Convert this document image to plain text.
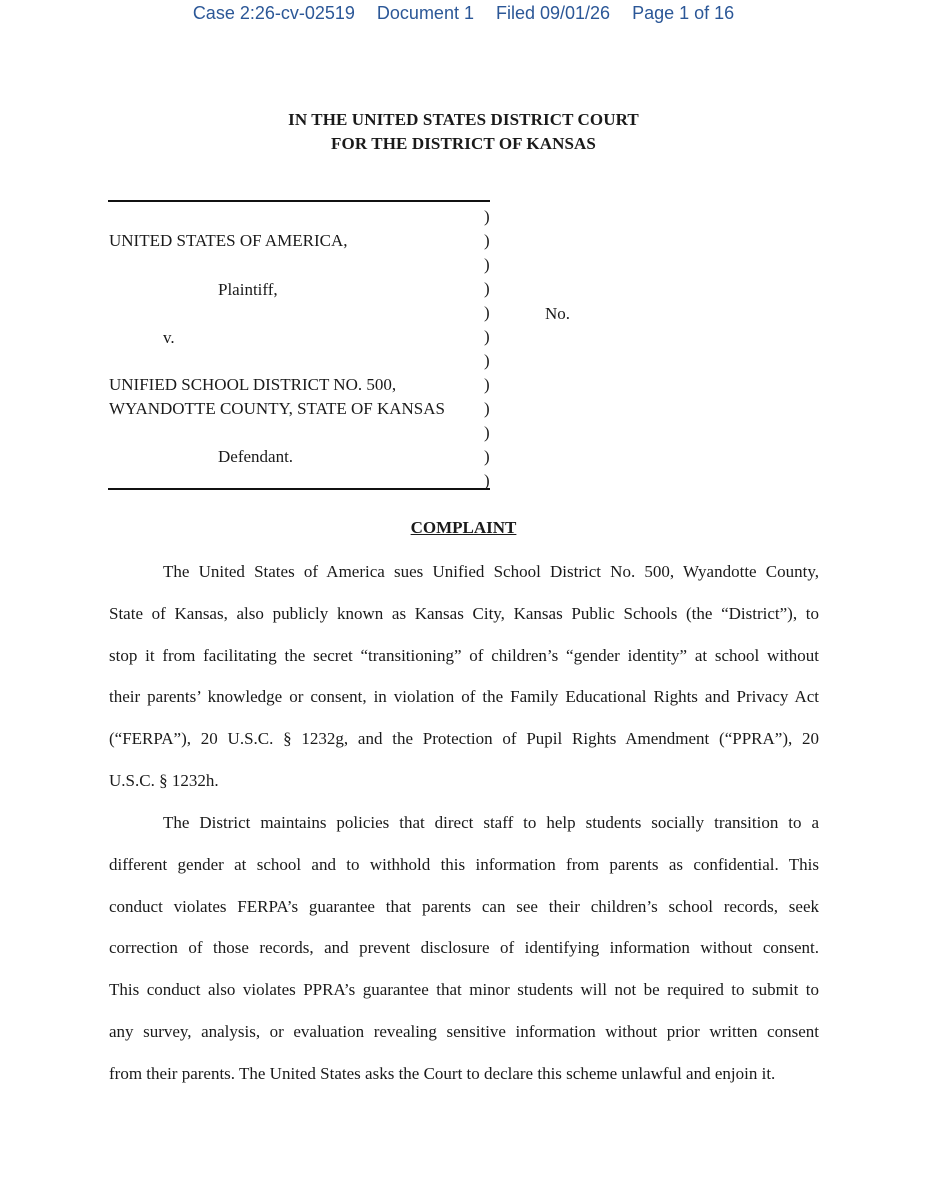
Case 2:26-cv-02519 Document 1 Filed 09/01/26 Page 1 of 16
IN THE UNITED STATES DISTRICT COURT
FOR THE DISTRICT OF KANSAS
UNITED STATES OF AMERICA,
Plaintiff,
v.
UNIFIED SCHOOL DISTRICT NO. 500,
WYANDOTTE COUNTY, STATE OF KANSAS
Defendant.
No.
)
)
)
)
)
)
)
)
)
)
)
)
COMPLAINT
The United States of America sues Unified School District No. 500, Wyandotte County,
State of Kansas, also publicly known as Kansas City, Kansas Public Schools (the “District”), to
stop it from facilitating the secret “transitioning” of children’s “gender identity” at school without
their parents’ knowledge or consent, in violation of the Family Educational Rights and Privacy Act
(“FERPA”), 20 U.S.C. § 1232g, and the Protection of Pupil Rights Amendment (“PPRA”), 20
U.S.C. § 1232h.
The District maintains policies that direct staff to help students socially transition to a
different gender at school and to withhold this information from parents as confidential. This
conduct violates FERPA’s guarantee that parents can see their children’s school records, seek
correction of those records, and prevent disclosure of identifying information without consent.
This conduct also violates PPRA’s guarantee that minor students will not be required to submit to
any survey, analysis, or evaluation revealing sensitive information without prior written consent
from their parents. The United States asks the Court to declare this scheme unlawful and enjoin it.
